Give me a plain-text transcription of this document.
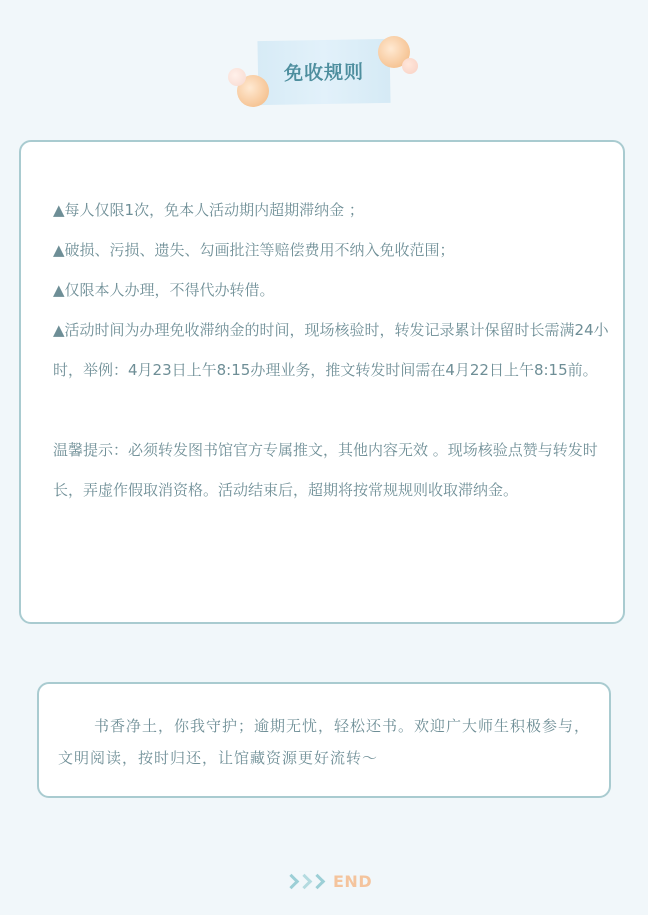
免收规则

▲每人仅限1次，免本人活动期内超期滞纳金 ；

▲破损、污损、遗失、勾画批注等赔偿费用不纳入免收范围；

▲仅限本人办理，不得代办转借。

▲活动时间为办理免收滞纳金的时间，现场核验时，转发记录累计保留时长需满24小时，举例：4月23日上午8:15办理业务，推文转发时间需在4月22日上午8:15前。

温馨提示：必须转发图书馆官方专属推文，其他内容无效 。现场核验点赞与转发时长，弄虚作假取消资格。活动结束后，超期将按常规规则收取滞纳金。

书香净土，你我守护；逾期无忧，轻松还书。欢迎广大师生积极参与，文明阅读，按时归还，让馆藏资源更好流转～
END
